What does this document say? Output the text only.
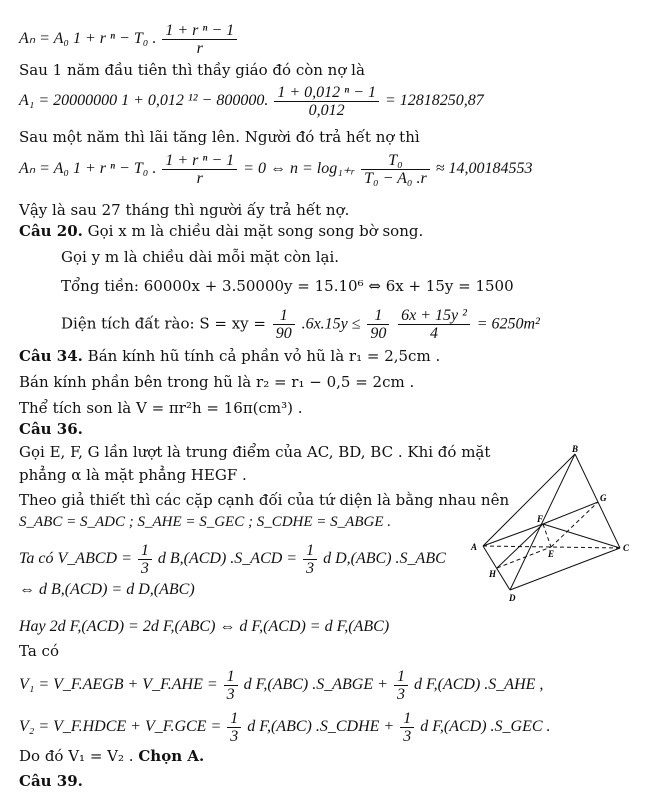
Aₙ = A₀ 1 + r ⁿ − T₀ . $\frac{\text{1 + r ⁿ − 1}}{r}$
Sau 1 năm đầu tiên thì thầy giáo đó còn nợ là
A₁ = 20000000 1 + 0,012 ¹² − 800000. $\frac{\text{1 + 0,012 ⁿ − 1}}{0,012} = 12818250,87$
Sau một năm thì lãi tăng lên. Người đó trả hết nợ thì
Aₙ = A₀ 1 + r ⁿ − T₀ . $\frac{\text{1 + r ⁿ − 1}}{r} = 0$ ⇔ n = log₁₊ᵣ $\frac{\text{T₀}}{\text{T₀ − A₀ .r}} \approx 14,00184553$
Vậy là sau 27 tháng thì người ấy trả hết nợ.
Câu 20. Gọi x m là chiều dài mặt song song bờ song.
Gọi y m là chiều dài mỗi mặt còn lại.
Tổng tiền: 60000x + 3.50000y = 15.10⁶ ⇔ 6x + 15y = 1500
Diện tích đất rào: S = xy = $\frac{1}{90} .6x.15y \le \frac{1}{90}$
$\frac{\text{6x + 15y ²}}{4} = 6250m^2$
Câu 34. Bán kính hũ tính cả phần vỏ hũ là r₁ = 2,5cm .
Bán kính phần bên trong hũ là r₂ = r₁ − 0,5 = 2cm .
Thể tích son là V = πr²h = 16π(cm³) .
Câu 36.
Gọi E, F, G lần lượt là trung điểm của AC, BD, BC . Khi đó mặt
phẳng α là mặt phẳng HEGF .
Theo giả thiết thì các cặp cạnh đối của tứ diện là bằng nhau nên
S_ABC = S_ADC ; S_AHE = S_GEC ; S_CDHE = S_ABGE .
Ta có V_ABCD = $\frac{1}{3}$ d B,(ACD) .S_ACD = $\frac{1}{3}$ d D,(ABC) .S_ABC
⇔ d B,(ACD) = d D,(ABC)
Hay 2d F,(ACD) = 2d F,(ABC) ⇔ d F,(ACD) = d F,(ABC)
Ta có
V₁ = V_F.AEGB + V_F.AHE = $\frac{1}{3}$ d F,(ABC) .S_ABGE + $\frac{1}{3}$ d F,(ACD) .S_AHE ,
V₂ = V_F.HDCE + V_F.GCE = $\frac{1}{3}$ d F,(ABC) .S_CDHE + $\frac{1}{3}$ d F,(ACD) .S_GEC .
Do đó V₁ = V₂ . Chọn A.
Câu 39.
A
B
C
D
E
F
G
H
